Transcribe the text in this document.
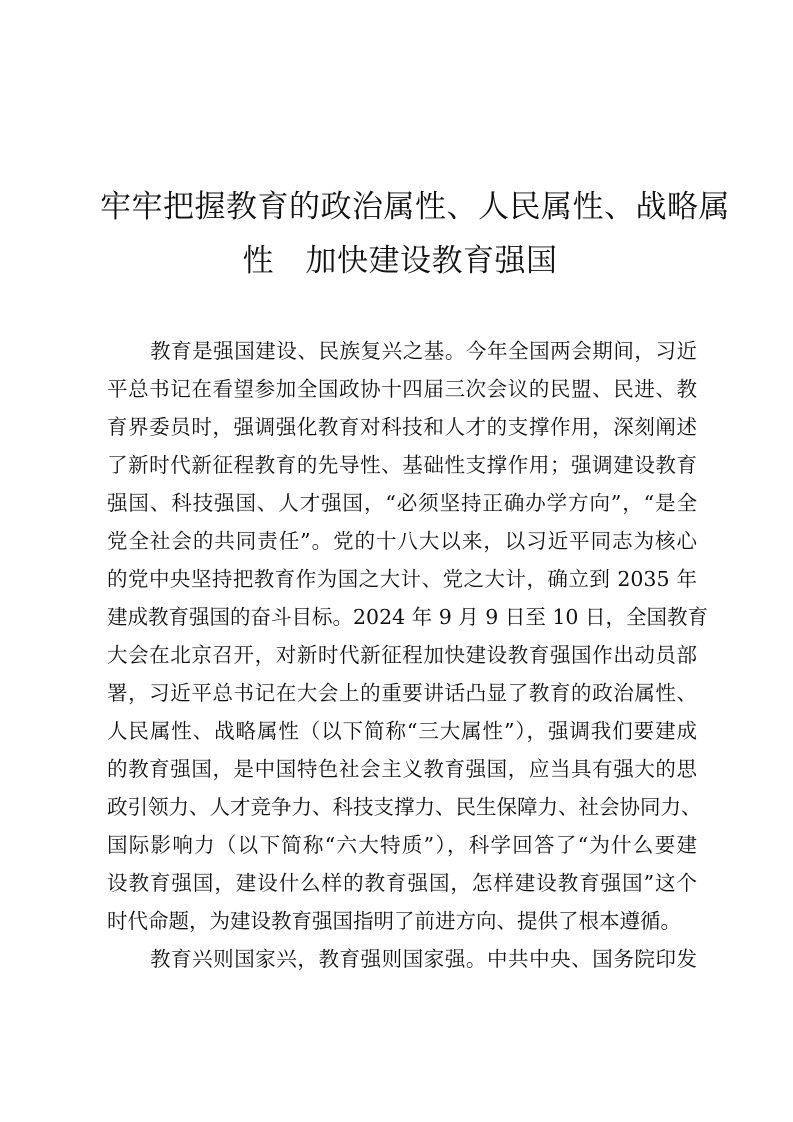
牢牢把握教育的政治属性、人民属性、战略属
性　加快建设教育强国
教育是强国建设、民族复兴之基。今年全国两会期间，习近
平总书记在看望参加全国政协十四届三次会议的民盟、民进、教
育界委员时，强调强化教育对科技和人才的支撑作用，深刻阐述
了新时代新征程教育的先导性、基础性支撑作用；强调建设教育
强国、科技强国、人才强国，“必须坚持正确办学方向”，“是全
党全社会的共同责任”。党的十八大以来，以习近平同志为核心
的党中央坚持把教育作为国之大计、党之大计，确立到 2035 年
建成教育强国的奋斗目标。2024 年 9 月 9 日至 10 日，全国教育
大会在北京召开，对新时代新征程加快建设教育强国作出动员部
署，习近平总书记在大会上的重要讲话凸显了教育的政治属性、
人民属性、战略属性（以下简称“三大属性”），强调我们要建成
的教育强国，是中国特色社会主义教育强国，应当具有强大的思
政引领力、人才竞争力、科技支撑力、民生保障力、社会协同力、
国际影响力（以下简称“六大特质”），科学回答了“为什么要建
设教育强国，建设什么样的教育强国，怎样建设教育强国”这个
时代命题，为建设教育强国指明了前进方向、提供了根本遵循。
教育兴则国家兴，教育强则国家强。中共中央、国务院印发
